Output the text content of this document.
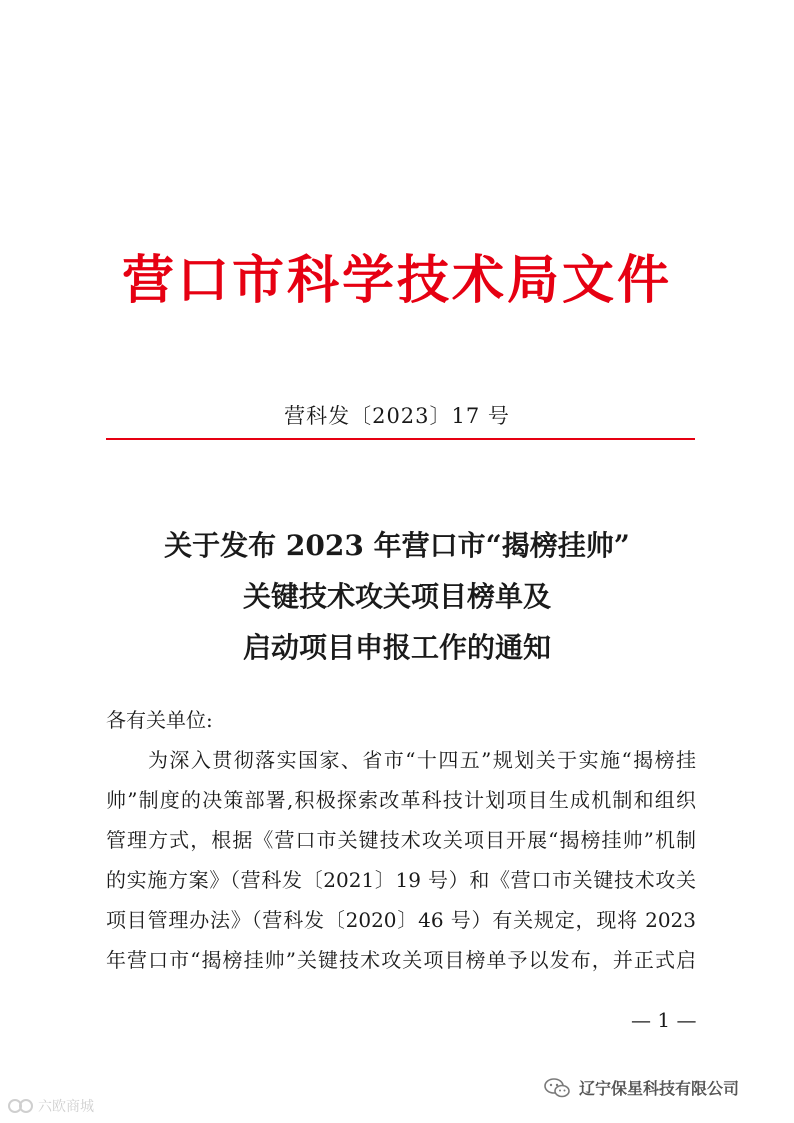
营口市科学技术局文件
营科发〔2023〕17 号
关于发布 2023 年营口市“揭榜挂帅”
关键技术攻关项目榜单及
启动项目申报工作的通知
各有关单位:
为深入贯彻落实国家、省市“十四五”规划关于实施“揭榜挂
帅”制度的决策部署,积极探索改革科技计划项目生成机制和组织
管理方式，根据《营口市关键技术攻关项目开展“揭榜挂帅”机制
的实施方案》（营科发〔2021〕19 号）和《营口市关键技术攻关
项目管理办法》（营科发〔2020〕46 号）有关规定，现将 2023
年营口市“揭榜挂帅”关键技术攻关项目榜单予以发布，并正式启
— 1 —
六欧商城
辽宁保星科技有限公司
